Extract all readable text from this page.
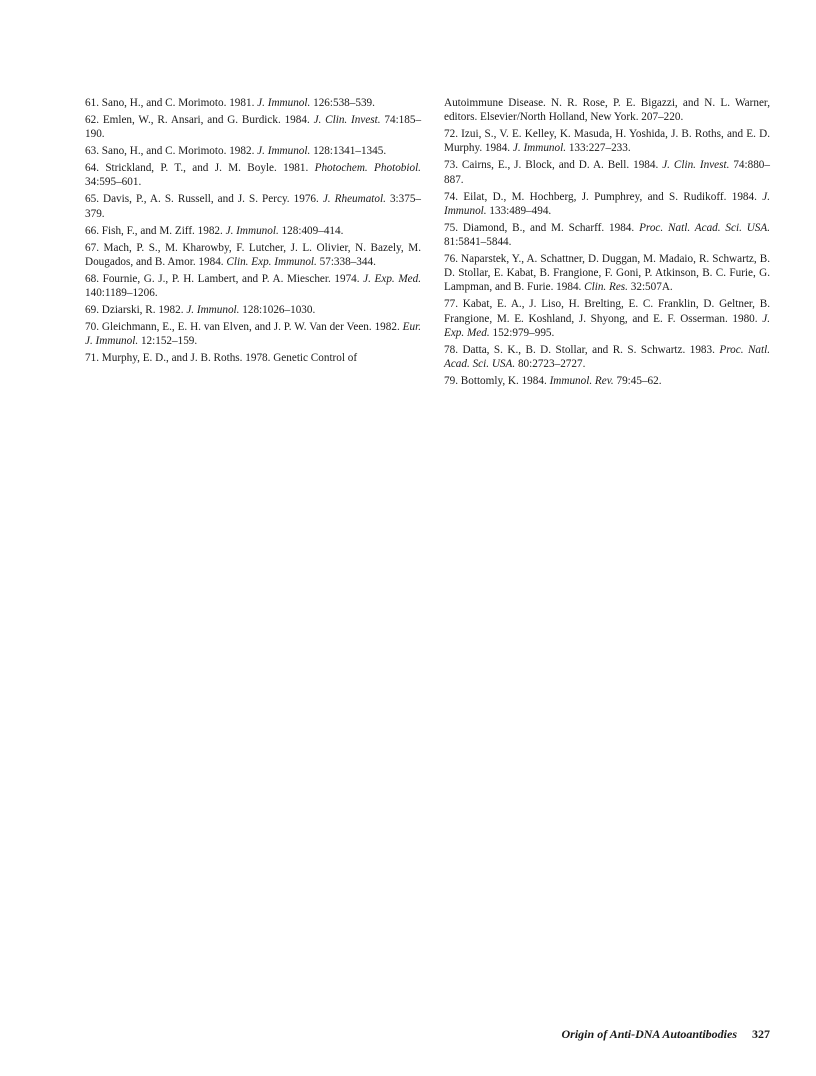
61. Sano, H., and C. Morimoto. 1981. J. Immunol. 126:538–539.

62. Emlen, W., R. Ansari, and G. Burdick. 1984. J. Clin. Invest. 74:185–190.

63. Sano, H., and C. Morimoto. 1982. J. Immunol. 128:1341–1345.

64. Strickland, P. T., and J. M. Boyle. 1981. Photochem. Photobiol. 34:595–601.

65. Davis, P., A. S. Russell, and J. S. Percy. 1976. J. Rheumatol. 3:375–379.

66. Fish, F., and M. Ziff. 1982. J. Immunol. 128:409–414.

67. Mach, P. S., M. Kharowby, F. Lutcher, J. L. Olivier, N. Bazely, M. Dougados, and B. Amor. 1984. Clin. Exp. Immunol. 57:338–344.

68. Fournie, G. J., P. H. Lambert, and P. A. Miescher. 1974. J. Exp. Med. 140:1189–1206.

69. Dziarski, R. 1982. J. Immunol. 128:1026–1030.

70. Gleichmann, E., E. H. van Elven, and J. P. W. Van der Veen. 1982. Eur. J. Immunol. 12:152–159.

71. Murphy, E. D., and J. B. Roths. 1978. Genetic Control of

Autoimmune Disease. N. R. Rose, P. E. Bigazzi, and N. L. Warner, editors. Elsevier/North Holland, New York. 207–220.

72. Izui, S., V. E. Kelley, K. Masuda, H. Yoshida, J. B. Roths, and E. D. Murphy. 1984. J. Immunol. 133:227–233.

73. Cairns, E., J. Block, and D. A. Bell. 1984. J. Clin. Invest. 74:880–887.

74. Eilat, D., M. Hochberg, J. Pumphrey, and S. Rudikoff. 1984. J. Immunol. 133:489–494.

75. Diamond, B., and M. Scharff. 1984. Proc. Natl. Acad. Sci. USA. 81:5841–5844.

76. Naparstek, Y., A. Schattner, D. Duggan, M. Madaio, R. Schwartz, B. D. Stollar, E. Kabat, B. Frangione, F. Goni, P. Atkinson, B. C. Furie, G. Lampman, and B. Furie. 1984. Clin. Res. 32:507A.

77. Kabat, E. A., J. Liso, H. Brelting, E. C. Franklin, D. Geltner, B. Frangione, M. E. Koshland, J. Shyong, and E. F. Osserman. 1980. J. Exp. Med. 152:979–995.

78. Datta, S. K., B. D. Stollar, and R. S. Schwartz. 1983. Proc. Natl. Acad. Sci. USA. 80:2723–2727.

79. Bottomly, K. 1984. Immunol. Rev. 79:45–62.

Origin of Anti-DNA Autoantibodies 327
